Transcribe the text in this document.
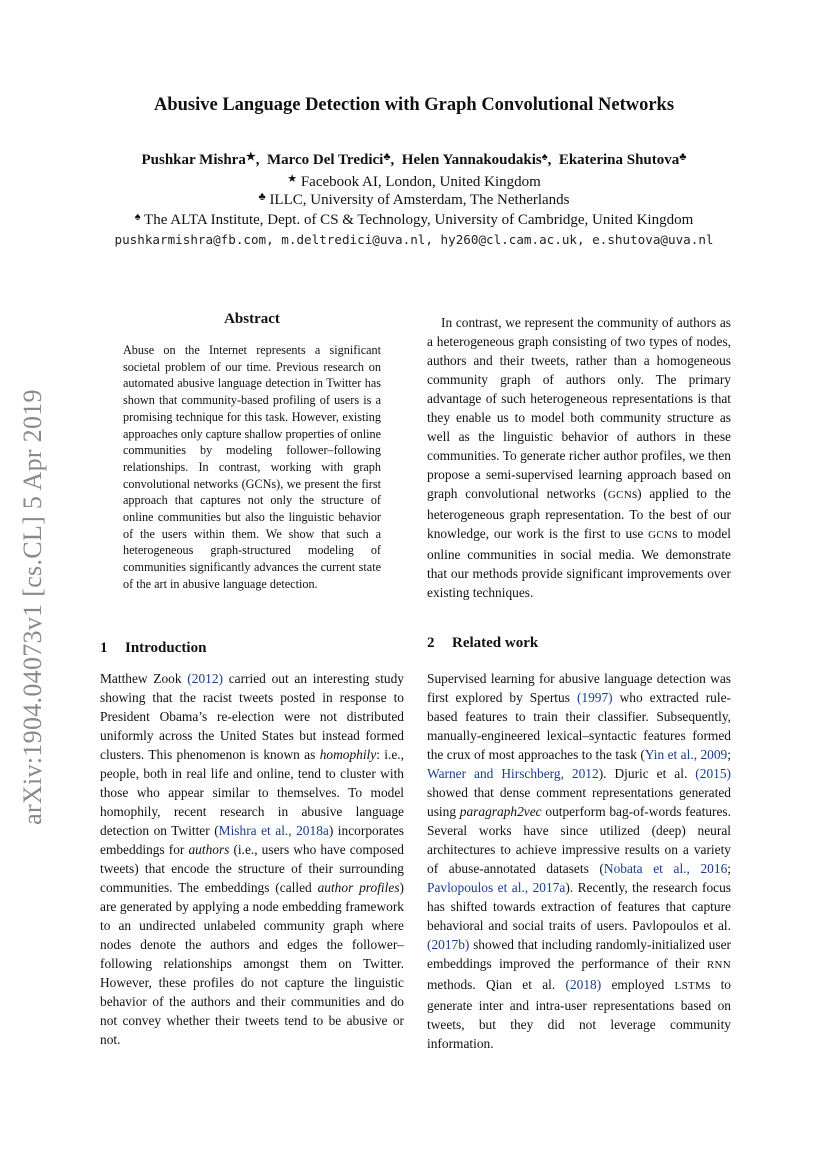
arXiv:1904.04073v1 [cs.CL] 5 Apr 2019
Abusive Language Detection with Graph Convolutional Networks
Pushkar Mishra★,  Marco Del Tredici♣,  Helen Yannakoudakis♠,  Ekaterina Shutova♣
★ Facebook AI, London, United Kingdom
♣ ILLC, University of Amsterdam, The Netherlands
♠ The ALTA Institute, Dept. of CS & Technology, University of Cambridge, United Kingdom
pushkarmishra@fb.com, m.deltredici@uva.nl, hy260@cl.cam.ac.uk, e.shutova@uva.nl
Abstract
Abuse on the Internet represents a significant societal problem of our time. Previous research on automated abusive language detection in Twitter has shown that community-based profiling of users is a promising technique for this task. However, existing approaches only capture shallow properties of online communities by modeling follower–following relationships. In contrast, working with graph convolutional networks (GCNs), we present the first approach that captures not only the structure of online communities but also the linguistic behavior of the users within them. We show that such a heterogeneous graph-structured modeling of communities significantly advances the current state of the art in abusive language detection.
1 Introduction

Matthew Zook (2012) carried out an interesting study showing that the racist tweets posted in response to President Obama’s re-election were not distributed uniformly across the United States but instead formed clusters. This phenomenon is known as homophily: i.e., people, both in real life and online, tend to cluster with those who appear similar to themselves. To model homophily, recent research in abusive language detection on Twitter (Mishra et al., 2018a) incorporates embeddings for authors (i.e., users who have composed tweets) that encode the structure of their surrounding communities. The embeddings (called author profiles) are generated by applying a node embedding framework to an undirected unlabeled community graph where nodes denote the authors and edges the follower–following relationships amongst them on Twitter. However, these profiles do not capture the linguistic behavior of the authors and their communities and do not convey whether their tweets tend to be abusive or not.

In contrast, we represent the community of authors as a heterogeneous graph consisting of two types of nodes, authors and their tweets, rather than a homogeneous community graph of authors only. The primary advantage of such heterogeneous representations is that they enable us to model both community structure as well as the linguistic behavior of authors in these communities. To generate richer author profiles, we then propose a semi-supervised learning approach based on graph convolutional networks (GCNs) applied to the heterogeneous graph representation. To the best of our knowledge, our work is the first to use GCNs to model online communities in social media. We demonstrate that our methods provide significant improvements over existing techniques.

2 Related work

Supervised learning for abusive language detection was first explored by Spertus (1997) who extracted rule-based features to train their classifier. Subsequently, manually-engineered lexical–syntactic features formed the crux of most approaches to the task (Yin et al., 2009; Warner and Hirschberg, 2012). Djuric et al. (2015) showed that dense comment representations generated using paragraph2vec outperform bag-of-words features. Several works have since utilized (deep) neural architectures to achieve impressive results on a variety of abuse-annotated datasets (Nobata et al., 2016; Pavlopoulos et al., 2017a). Recently, the research focus has shifted towards extraction of features that capture behavioral and social traits of users. Pavlopoulos et al. (2017b) showed that including randomly-initialized user embeddings improved the performance of their RNN methods. Qian et al. (2018) employed LSTMs to generate inter and intra-user representations based on tweets, but they did not leverage community information.
